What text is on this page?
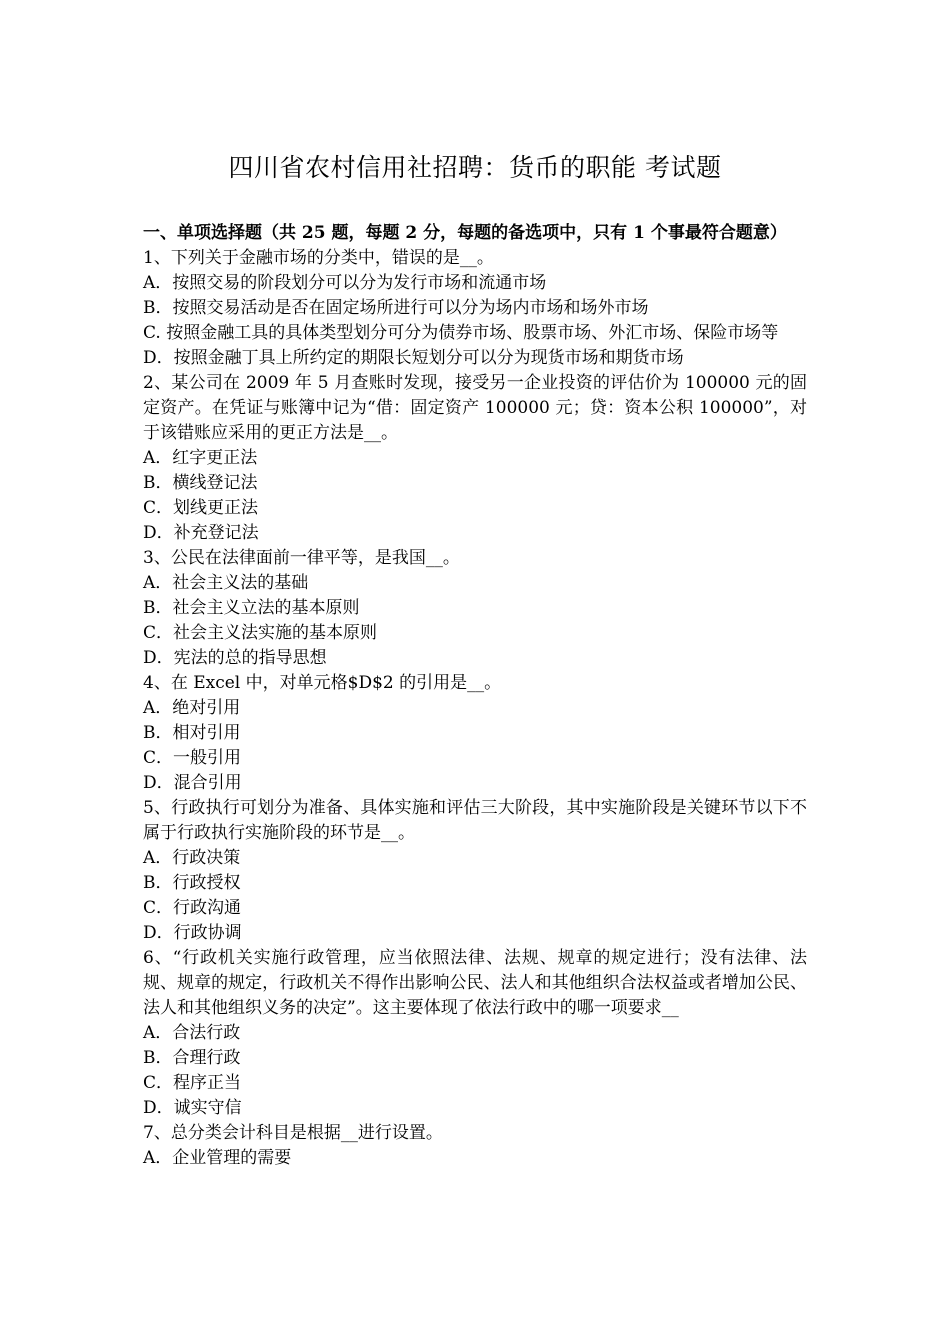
四川省农村信用社招聘：货币的职能 考试题
一、单项选择题（共 25 题，每题 2 分，每题的备选项中，只有 1 个事最符合题意）
1、下列关于金融市场的分类中，错误的是__。
A．按照交易的阶段划分可以分为发行市场和流通市场
B．按照交易活动是否在固定场所进行可以分为场内市场和场外市场
C. 按照金融工具的具体类型划分可分为债券市场、股票市场、外汇市场、保险市场等
D．按照金融丁具上所约定的期限长短划分可以分为现货市场和期货市场
2、某公司在 2009 年 5 月查账时发现，接受另一企业投资的评估价为 100000 元的固定资产。在凭证与账簿中记为“借：固定资产 100000 元；贷：资本公积 100000”，对于该错账应采用的更正方法是__。
A．红字更正法
B．横线登记法
C．划线更正法
D．补充登记法
3、公民在法律面前一律平等，是我国__。
A．社会主义法的基础
B．社会主义立法的基本原则
C．社会主义法实施的基本原则
D．宪法的总的指导思想
4、在 Excel 中，对单元格$D$2 的引用是__。
A．绝对引用
B．相对引用
C．一般引用
D．混合引用
5、行政执行可划分为准备、具体实施和评估三大阶段，其中实施阶段是关键环节以下不属于行政执行实施阶段的环节是__。
A．行政决策
B．行政授权
C．行政沟通
D．行政协调
6、“行政机关实施行政管理，应当依照法律、法规、规章的规定进行；没有法律、法规、规章的规定，行政机关不得作出影响公民、法人和其他组织合法权益或者增加公民、法人和其他组织义务的决定”。这主要体现了依法行政中的哪一项要求__
A．合法行政
B．合理行政
C．程序正当
D．诚实守信
7、总分类会计科目是根据__进行设置。
A．企业管理的需要
